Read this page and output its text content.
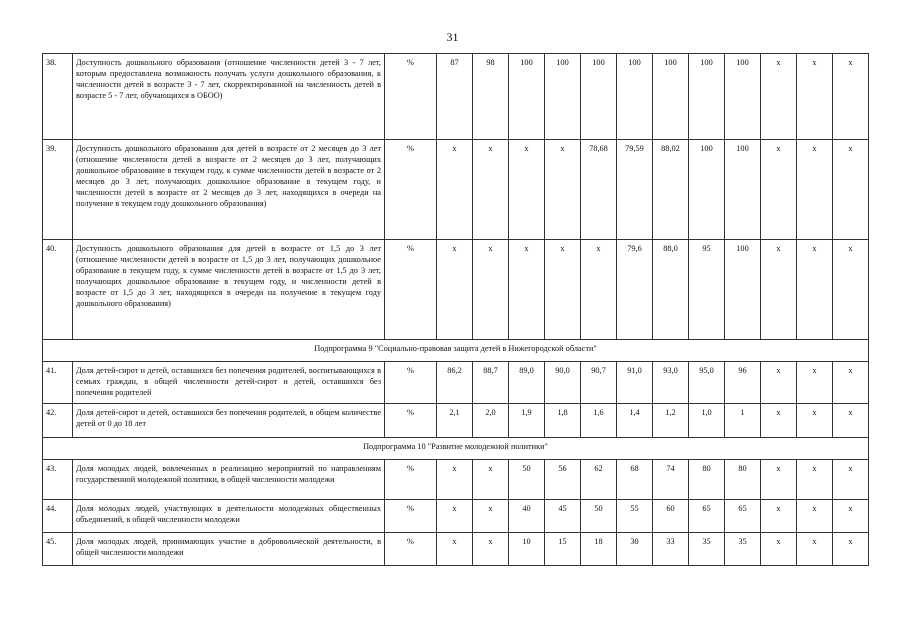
31
38.	Доступность дошкольного образования (отношение численности детей 3 - 7 лет, которым предоставлена возможность получать услуги дошкольного образования, к численности детей в возрасте 3 - 7 лет, скорректированной на численность детей в возрасте 5 - 7 лет, обучающихся в ОБОО)	%	87	98	100	100	100	100	100	100	100	x	x	x
39.	Доступность дошкольного образования для детей в возрасте от 2 месяцев до 3 лет (отношение численности детей в возрасте от 2 месяцев до 3 лет, получающих дошкольное образование в текущем году, к сумме численности детей в возрасте от 2 месяцев до 3 лет, получающих дошкольное образование в текущем году, и численности детей в возрасте от 2 месяцев до 3 лет, находящихся в очереди на получение в текущем году дошкольного образования)	%	x	x	x	x	78,68	79,59	88,02	100	100	x	x	x
40.	Доступность дошкольного образования для детей в возрасте от 1,5 до 3 лет (отношение численности детей в возрасте от 1,5 до 3 лет, получающих дошкольное образование в текущем году, к сумме численности детей в возрасте от 1,5 до 3 лет, получающих дошкольное образование в текущем году, и численности детей в возрасте от 1,5 до 3 лет, находящихся в очереди на получение в текущем году дошкольного образования)	%	x	x	x	x	x	79,6	88,0	95	100	x	x	x
Подпрограмма 9 "Социально-правовая защита детей в Нижегородской области"														
41.	Доля детей-сирот и детей, оставшихся без попечения родителей, воспитывающихся в семьях граждан, в общей численности детей-сирот и детей, оставшихся без попечения родителей	%	86,2	88,7	89,0	90,0	90,7	91,0	93,0	95,0	96	x	x	x
42.	Доля детей-сирот и детей, оставшихся без попечения родителей, в общем количестве детей от 0 до 18 лет	%	2,1	2,0	1,9	1,8	1,6	1,4	1,2	1,0	1	x	x	x
Подпрограмма 10 "Развитие молодежной политики"														
43.	Доля молодых людей, вовлеченных в реализацию мероприятий по направлениям государственной молодежной политики, в общей численности молодежи	%	x	x	50	56	62	68	74	80	80	x	x	x
44.	Доля молодых людей, участвующих в деятельности молодежных общественных объединений, в общей численности молодежи	%	x	x	40	45	50	55	60	65	65	x	x	x
45.	Доля молодых людей, принимающих участие в добровольческой деятельности, в общей численности молодежи	%	x	x	10	15	18	30	33	35	35	x	x	x
